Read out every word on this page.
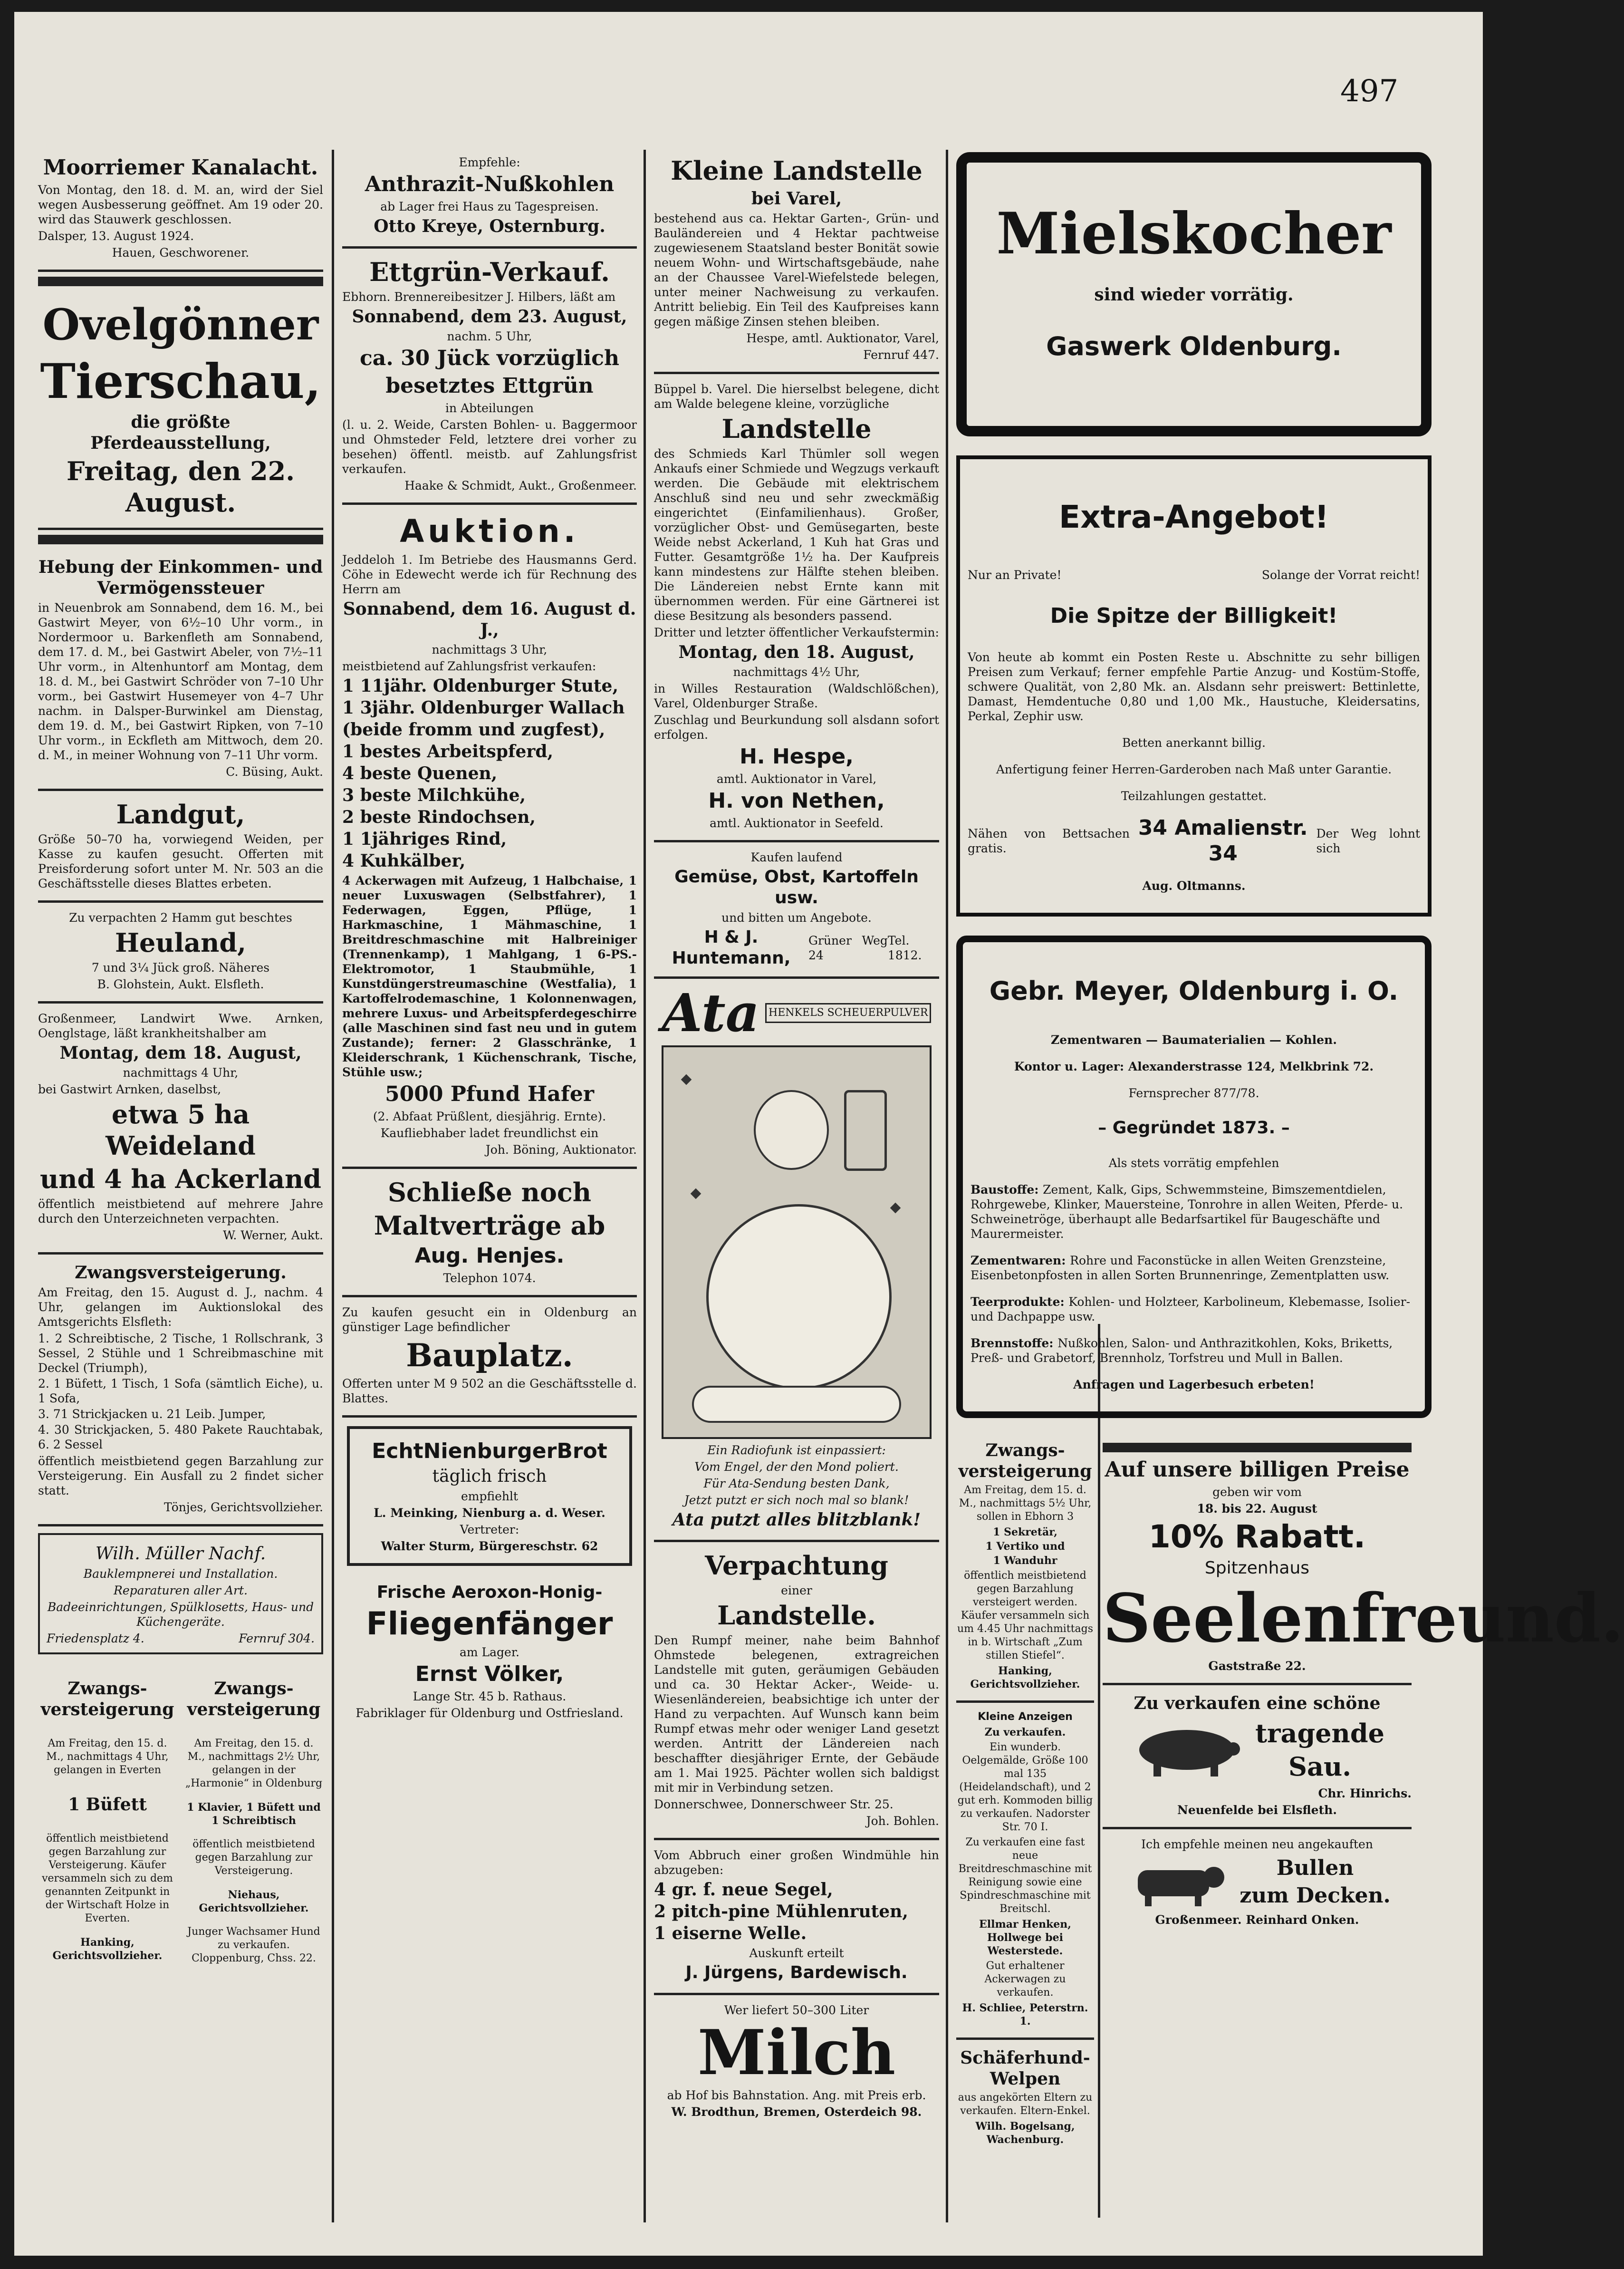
497

Moorriemer Kanalacht.

Von Montag, den 18. d. M. an, wird der Siel wegen Ausbesserung geöffnet. Am 19 oder 20. wird das Stauwerk geschlossen.

Dalsper, 13. August 1924.

Hauen, Geschworener.

Ovelgönner

Tierschau,

die größte Pferdeausstellung,

Freitag, den 22. August.

Hebung der Einkommen- und Vermögenssteuer

in Neuenbrok am Sonnabend, dem 16. M., bei Gastwirt Meyer, von 6½–10 Uhr vorm., in Nordermoor u. Barkenfleth am Sonnabend, dem 17. d. M., bei Gastwirt Abeler, von 7½–11 Uhr vorm., in Altenhuntorf am Montag, dem 18. d. M., bei Gastwirt Schröder von 7–10 Uhr vorm., bei Gastwirt Husemeyer von 4–7 Uhr nachm. in Dalsper-Burwinkel am Dienstag, dem 19. d. M., bei Gastwirt Ripken, von 7–10 Uhr vorm., in Eckfleth am Mittwoch, dem 20. d. M., in meiner Wohnung von 7–11 Uhr vorm.

C. Büsing, Aukt.

Landgut,

Größe 50–70 ha, vorwiegend Weiden, per Kasse zu kaufen gesucht. Offerten mit Preisforderung sofort unter M. Nr. 503 an die Geschäftsstelle dieses Blattes erbeten.

Zu verpachten 2 Hamm gut beschtes

Heuland,

7 und 3¼ Jück groß. Näheres

B. Glohstein, Aukt. Elsfleth.

Großenmeer, Landwirt Wwe. Arnken, Oenglstage, läßt krankheitshalber am

Montag, dem 18. August,

nachmittags 4 Uhr,

bei Gastwirt Arnken, daselbst,

etwa 5 ha Weideland

und 4 ha Ackerland

öffentlich meistbietend auf mehrere Jahre durch den Unterzeichneten verpachten.

W. Werner, Aukt.

Zwangsversteigerung.

Am Freitag, den 15. August d. J., nachm. 4 Uhr, gelangen im Auktionslokal des Amtsgerichts Elsfleth:

1. 2 Schreibtische, 2 Tische, 1 Rollschrank, 3 Sessel, 2 Stühle und 1 Schreibmaschine mit Deckel (Triumph),

2. 1 Büfett, 1 Tisch, 1 Sofa (sämtlich Eiche), u. 1 Sofa,

3. 71 Strickjacken u. 21 Leib. Jumper,

4. 30 Strickjacken, 5. 480 Pakete Rauchtabak, 6. 2 Sessel

öffentlich meistbietend gegen Barzahlung zur Versteigerung. Ein Ausfall zu 2 findet sicher statt.

Tönjes, Gerichtsvollzieher.

Wilh. Müller Nachf.

Bauklempnerei und Installation.

Reparaturen aller Art.

Badeeinrichtungen, Spülklosetts, Haus- und Küchengeräte.

Friedensplatz 4.	Fernruf 304.

Zwangs-versteigerung

Am Freitag, den 15. d. M., nachmittags 4 Uhr, gelangen in Everten

1 Büfett

öffentlich meistbietend gegen Barzahlung zur Versteigerung. Käufer versammeln sich zu dem genannten Zeitpunkt in der Wirtschaft Holze in Everten.

Hanking, Gerichtsvollzieher.

Zwangs-versteigerung

Am Freitag, den 15. d. M., nachmittags 2½ Uhr, gelangen in der „Harmonie“ in Oldenburg

1 Klavier, 1 Büfett und 1 Schreibtisch

öffentlich meistbietend gegen Barzahlung zur Versteigerung.

Niehaus, Gerichtsvollzieher.

Junger Wachsamer Hund zu verkaufen. Cloppenburg, Chss. 22.

Empfehle:

Anthrazit-Nußkohlen

ab Lager frei Haus zu Tagespreisen.

Otto Kreye, Osternburg.

Ettgrün-Verkauf.

Ebhorn. Brennereibesitzer J. Hilbers, läßt am

Sonnabend, dem 23. August,

nachm. 5 Uhr,

ca. 30 Jück vorzüglich

besetztes Ettgrün

in Abteilungen

(l. u. 2. Weide, Carsten Bohlen- u. Baggermoor und Ohmsteder Feld, letztere drei vorher zu besehen) öffentl. meistb. auf Zahlungsfrist verkaufen.

Haake & Schmidt, Aukt., Großenmeer.

Auktion.

Jeddeloh 1. Im Betriebe des Hausmanns Gerd. Cöhe in Edewecht werde ich für Rechnung des Herrn am

Sonnabend, dem 16. August d. J.,

nachmittags 3 Uhr,

meistbietend auf Zahlungsfrist verkaufen:

1 11jähr. Oldenburger Stute,

1 3jähr. Oldenburger Wallach

(beide fromm und zugfest),

1 bestes Arbeitspferd,

4 beste Quenen,

3 beste Milchkühe,

2 beste Rindochsen,

1 1jähriges Rind,

4 Kuhkälber,

4 Ackerwagen mit Aufzeug, 1 Halbchaise, 1 neuer Luxuswagen (Selbstfahrer), 1 Federwagen, Eggen, Pflüge, 1 Harkmaschine, 1 Mähmaschine, 1 Breitdreschmaschine mit Halbreiniger (Trennenkamp), 1 Mahlgang, 1 6-PS.-Elektromotor, 1 Staubmühle, 1 Kunstdüngerstreumaschine (Westfalia), 1 Kartoffelrodemaschine, 1 Kolonnenwagen, mehrere Luxus- und Arbeitspferdegeschirre (alle Maschinen sind fast neu und in gutem Zustande); ferner: 2 Glasschränke, 1 Kleiderschrank, 1 Küchenschrank, Tische, Stühle usw.;

5000 Pfund Hafer

(2. Abfaat Prüßlent, diesjährig. Ernte).

Kaufliebhaber ladet freundlichst ein

Joh. Böning, Auktionator.

Schließe noch

Maltverträge ab

Aug. Henjes.

Telephon 1074.

Zu kaufen gesucht ein in Oldenburg an günstiger Lage befindlicher

Bauplatz.

Offerten unter M 9 502 an die Geschäftsstelle d. Blattes.

EchtNienburgerBrot

täglich frisch

empfiehlt

L. Meinking, Nienburg a. d. Weser.

Vertreter:

Walter Sturm, Bürgereschstr. 62

Frische Aeroxon-Honig-

Fliegenfänger

am Lager.

Ernst Völker,

Lange Str. 45 b. Rathaus.

Fabriklager für Oldenburg und Ostfriesland.

Kleine Landstelle

bei Varel,

bestehend aus ca. Hektar Garten-, Grün- und Bauländereien und 4 Hektar pachtweise zugewiesenem Staatsland bester Bonität sowie neuem Wohn- und Wirtschaftsgebäude, nahe an der Chaussee Varel-Wiefelstede belegen, unter meiner Nachweisung zu verkaufen. Antritt beliebig. Ein Teil des Kaufpreises kann gegen mäßige Zinsen stehen bleiben.

Hespe, amtl. Auktionator, Varel,

Fernruf 447.

Büppel b. Varel. Die hierselbst belegene, dicht am Walde belegene kleine, vorzügliche

Landstelle

des Schmieds Karl Thümler soll wegen Ankaufs einer Schmiede und Wegzugs verkauft werden. Die Gebäude mit elektrischem Anschluß sind neu und sehr zweckmäßig eingerichtet (Einfamilienhaus). Großer, vorzüglicher Obst- und Gemüsegarten, beste Weide nebst Ackerland, 1 Kuh hat Gras und Futter. Gesamtgröße 1½ ha. Der Kaufpreis kann mindestens zur Hälfte stehen bleiben. Die Ländereien nebst Ernte kann mit übernommen werden. Für eine Gärtnerei ist diese Besitzung als besonders passend.

Dritter und letzter öffentlicher Verkaufstermin:

Montag, den 18. August,

nachmittags 4½ Uhr,

in Willes Restauration (Waldschlößchen), Varel, Oldenburger Straße.

Zuschlag und Beurkundung soll alsdann sofort erfolgen.

H. Hespe,

amtl. Auktionator in Varel,

H. von Nethen,

amtl. Auktionator in Seefeld.

Kaufen laufend

Gemüse, Obst, Kartoffeln usw.

und bitten um Angebote.

H & J. Huntemann,
Grüner Weg 24
Tel. 1812.
Ata HENKELS SCHEUERPULVER

Ein Radiofunk ist einpassiert:

Vom Engel, der den Mond poliert.

Für Ata-Sendung besten Dank,

Jetzt putzt er sich noch mal so blank!

Ata putzt alles blitzblank!

Verpachtung

einer

Landstelle.

Den Rumpf meiner, nahe beim Bahnhof Ohmstede belegenen, extragreichen Landstelle mit guten, geräumigen Gebäuden und ca. 30 Hektar Acker-, Weide- u. Wiesenländereien, beabsichtige ich unter der Hand zu verpachten. Auf Wunsch kann beim Rumpf etwas mehr oder weniger Land gesetzt werden. Antritt der Ländereien nach beschaffter diesjähriger Ernte, der Gebäude am 1. Mai 1925. Pächter wollen sich baldigst mit mir in Verbindung setzen.

Donnerschwee, Donnerschweer Str. 25.

Joh. Bohlen.

Vom Abbruch einer großen Windmühle hin abzugeben:

4 gr. f. neue Segel,

2 pitch-pine Mühlenruten,

1 eiserne Welle.

Auskunft erteilt

J. Jürgens, Bardewisch.

Wer liefert 50–300 Liter

Milch

ab Hof bis Bahnstation. Ang. mit Preis erb.

W. Brodthun, Bremen, Osterdeich 98.

Mielskocher

sind wieder vorrätig.

Gaswerk Oldenburg.

Extra-Angebot!

Nur an Private!	Solange der Vorrat reicht!

Die Spitze der Billigkeit!

Von heute ab kommt ein Posten Reste u. Abschnitte zu sehr billigen Preisen zum Verkauf; ferner empfehle Partie Anzug- und Kostüm-Stoffe, schwere Qualität, von 2,80 Mk. an. Alsdann sehr preiswert: Bettinlette, Damast, Hemdentuche 0,80 und 1,00 Mk., Haustuche, Kleidersatins, Perkal, Zephir usw.

Betten anerkannt billig.

Anfertigung feiner Herren-Garderoben nach Maß unter Garantie.

Teilzahlungen gestattet.

Nähen von Bettsachen gratis.
34 Amalienstr. 34
Der Weg lohnt sich

Aug. Oltmanns.

Gebr. Meyer, Oldenburg i. O.

Zementwaren — Baumaterialien — Kohlen.

Kontor u. Lager: Alexanderstrasse 124, Melkbrink 72.

Fernsprecher 877/78.

– Gegründet 1873. –

Als stets vorrätig empfehlen

Baustoffe: Zement, Kalk, Gips, Schwemmsteine, Bimszementdielen, Rohrgewebe, Klinker, Mauersteine, Tonrohre in allen Weiten, Pferde- u. Schweinetröge, überhaupt alle Bedarfsartikel für Baugeschäfte und Maurermeister.

Zementwaren: Rohre und Faconstücke in allen Weiten Grenzsteine, Eisenbetonpfosten in allen Sorten Brunnenringe, Zementplatten usw.

Teerprodukte: Kohlen- und Holzteer, Karbolineum, Klebemasse, Isolier- und Dachpappe usw.

Brennstoffe: Nußkohlen, Salon- und Anthrazitkohlen, Koks, Briketts, Preß- und Grabetorf, Brennholz, Torfstreu und Mull in Ballen.

Anfragen und Lagerbesuch erbeten!

Zwangs-versteigerung

Am Freitag, dem 15. d. M., nachmittags 5½ Uhr, sollen in Ebhorn 3

1 Sekretär,

1 Vertiko und

1 Wanduhr

öffentlich meistbietend gegen Barzahlung versteigert werden. Käufer versammeln sich um 4.45 Uhr nachmittags in b. Wirtschaft „Zum stillen Stiefel“.

Hanking, Gerichtsvollzieher.

Kleine Anzeigen

Zu verkaufen.

Ein wunderb. Oelgemälde, Größe 100 mal 135 (Heidelandschaft), und 2 gut erh. Kommoden billig zu verkaufen. Nadorster Str. 70 I.

Zu verkaufen eine fast neue Breitdreschmaschine mit Reinigung sowie eine Spindreschmaschine mit Breitschl.

Ellmar Henken, Hollwege bei Westerstede.

Gut erhaltener Ackerwagen zu verkaufen.

H. Schliee, Peterstrn. 1.

Schäferhund-Welpen

aus angekörten Eltern zu verkaufen. Eltern-Enkel.

Wilh. Bogelsang, Wachenburg.

Auf unsere billigen Preise

geben wir vom

18. bis 22. August

10% Rabatt.

Spitzenhaus

Seelenfreund.

Gaststraße 22.

Zu verkaufen eine schöne

tragende

Sau.

Chr. Hinrichs.

Neuenfelde bei Elsfleth.

Ich empfehle meinen neu angekauften

Bullen

zum Decken.

Großenmeer. Reinhard Onken.
